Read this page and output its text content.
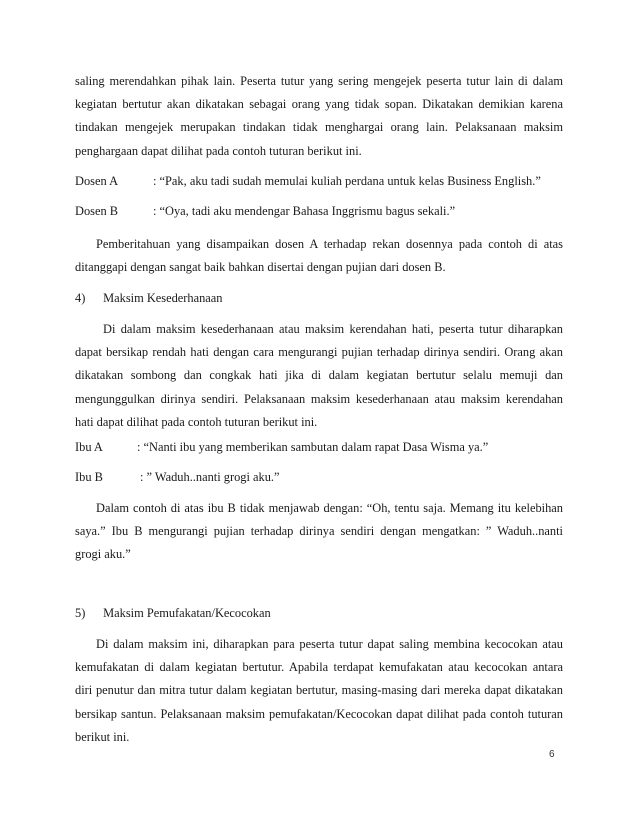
saling merendahkan pihak lain. Peserta tutur yang sering mengejek peserta tutur lain di dalam
kegiatan bertutur akan dikatakan sebagai orang yang tidak sopan. Dikatakan demikian karena
tindakan mengejek merupakan tindakan tidak menghargai orang lain. Pelaksanaan maksim
penghargaan dapat dilihat pada contoh tuturan berikut ini.
Dosen A	: “Pak, aku tadi sudah memulai kuliah perdana untuk kelas Business English.”
Dosen B	: “Oya, tadi aku mendengar Bahasa Inggrismu bagus sekali.”
Pemberitahuan yang disampaikan dosen A terhadap rekan dosennya pada contoh di atas
ditanggapi dengan sangat baik bahkan disertai dengan pujian dari dosen B.
4) Maksim Kesederhanaan
Di dalam maksim kesederhanaan atau maksim kerendahan hati, peserta tutur diharapkan
dapat bersikap rendah hati dengan cara mengurangi pujian terhadap dirinya sendiri. Orang akan
dikatakan sombong dan congkak hati jika di dalam kegiatan bertutur selalu memuji dan
mengunggulkan dirinya sendiri. Pelaksanaan maksim kesederhanaan atau maksim kerendahan
hati dapat dilihat pada contoh tuturan berikut ini.
Ibu A	: “Nanti ibu yang memberikan sambutan dalam rapat Dasa Wisma ya.”
Ibu B	: ” Waduh..nanti grogi aku.”
Dalam contoh di atas ibu B tidak menjawab dengan: “Oh, tentu saja. Memang itu kelebihan
saya.” Ibu B mengurangi pujian terhadap dirinya sendiri dengan mengatkan: ” Waduh..nanti
grogi aku.”
5) Maksim Pemufakatan/Kecocokan
Di dalam maksim ini, diharapkan para peserta tutur dapat saling membina kecocokan atau
kemufakatan di dalam kegiatan bertutur. Apabila terdapat kemufakatan atau kecocokan antara
diri penutur dan mitra tutur dalam kegiatan bertutur, masing-masing dari mereka dapat dikatakan
bersikap santun. Pelaksanaan maksim pemufakatan/Kecocokan dapat dilihat pada contoh tuturan
berikut ini.
6
